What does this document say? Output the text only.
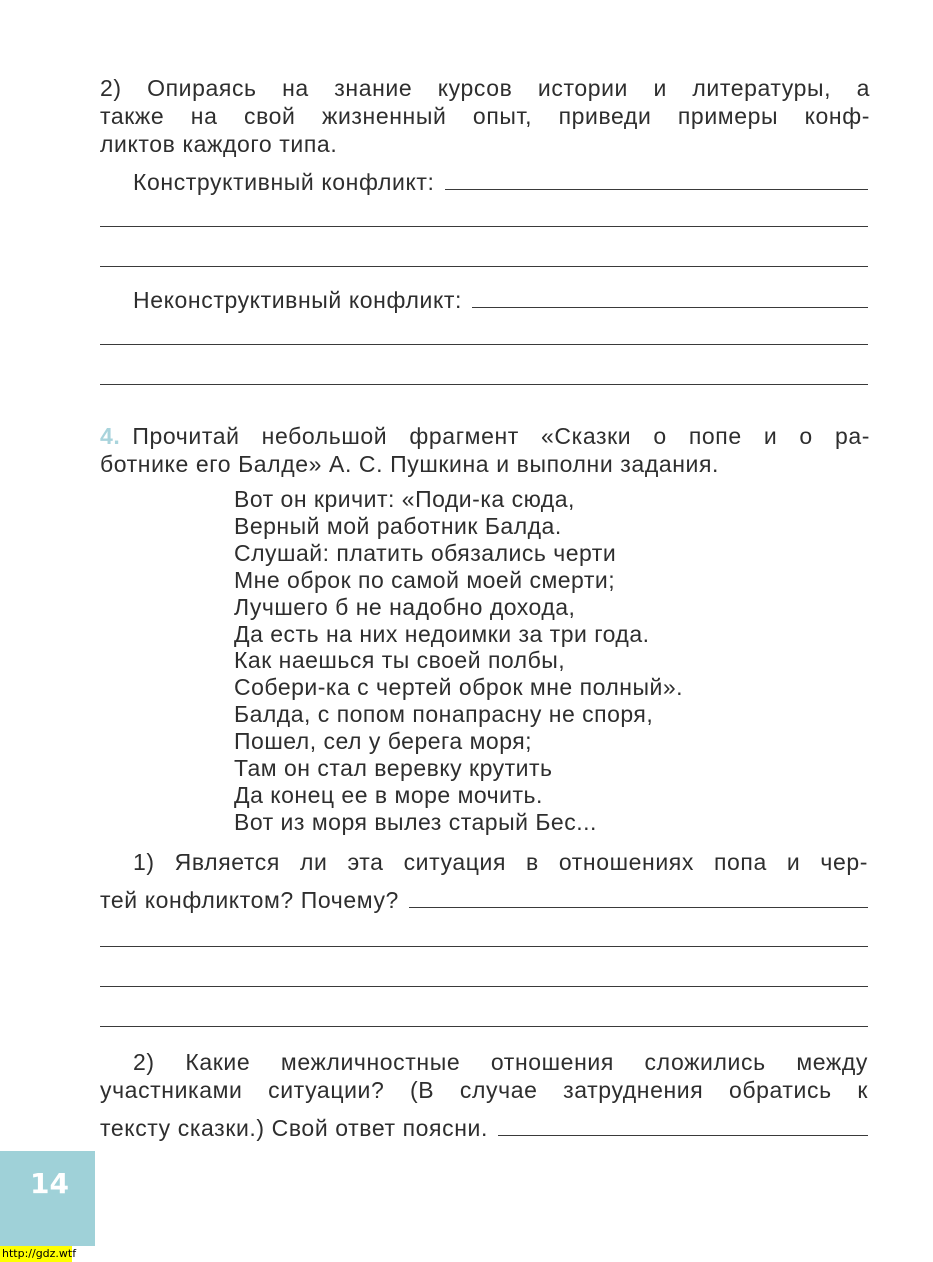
2) Опираясь на знание курсов истории и литературы, а
также на свой жизненный опыт, приведи примеры конф-
ликтов каждого типа.
Конструктивный конфликт:
Неконструктивный конфликт:
4. Прочитай небольшой фрагмент «Сказки о попе и о ра-
ботнике его Балде» А. С. Пушкина и выполни задания.
Вот он кричит: «Поди-ка сюда,
Верный мой работник Балда.
Слушай: платить обязались черти
Мне оброк по самой моей смерти;
Лучшего б не надобно дохода,
Да есть на них недоимки за три года.
Как наешься ты своей полбы,
Собери-ка с чертей оброк мне полный».
Балда, с попом понапрасну не споря,
Пошел, сел у берега моря;
Там он стал веревку крутить
Да конец ее в море мочить.
Вот из моря вылез старый Бес...
1) Является ли эта ситуация в отношениях попа и чер-
тей конфликтом? Почему?
2) Какие межличностные отношения сложились между
участниками ситуации? (В случае затруднения обратись к
тексту сказки.) Свой ответ поясни.
14
http://gdz.wtf
